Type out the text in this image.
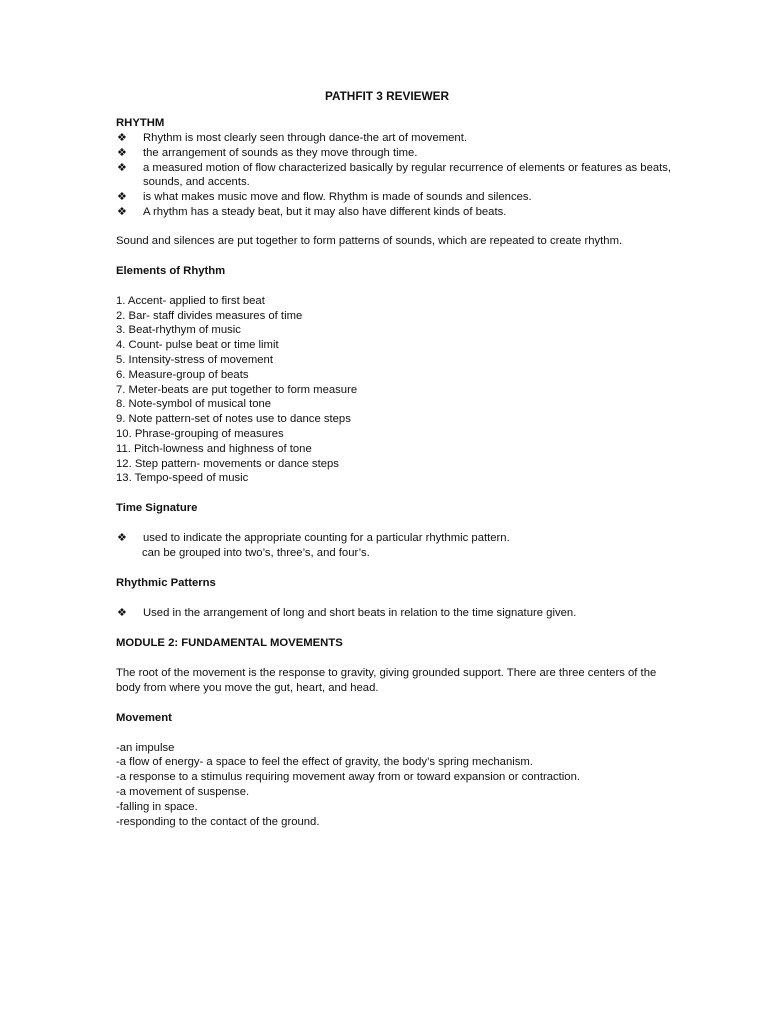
PATHFIT 3 REVIEWER
RHYTHM
❖ Rhythm is most clearly seen through dance-the art of movement.
❖ the arrangement of sounds as they move through time.
❖ a measured motion of flow characterized basically by regular recurrence of elements or features as beats, sounds, and accents.
❖ is what makes music move and flow. Rhythm is made of sounds and silences.
❖ A rhythm has a steady beat, but it may also have different kinds of beats.

Sound and silences are put together to form patterns of sounds, which are repeated to create rhythm.

Elements of Rhythm
1. Accent- applied to first beat
2. Bar- staff divides measures of time
3. Beat-rhythym of music
4. Count- pulse beat or time limit
5. Intensity-stress of movement
6. Measure-group of beats
7. Meter-beats are put together to form measure
8. Note-symbol of musical tone
9. Note pattern-set of notes use to dance steps
10. Phrase-grouping of measures
11. Pitch-lowness and highness of tone
12. Step pattern- movements or dance steps
13. Tempo-speed of music
Time Signature
❖ used to indicate the appropriate counting for a particular rhythmic pattern.
can be grouped into two’s, three’s, and four’s.
Rhythmic Patterns
❖ Used in the arrangement of long and short beats in relation to the time signature given.
MODULE 2: FUNDAMENTAL MOVEMENTS

The root of the movement is the response to gravity, giving grounded support. There are three centers of the body from where you move the gut, heart, and head.

Movement
-an impulse
-a flow of energy- a space to feel the effect of gravity, the body’s spring mechanism.
-a response to a stimulus requiring movement away from or toward expansion or contraction.
-a movement of suspense.
-falling in space.
-responding to the contact of the ground.
